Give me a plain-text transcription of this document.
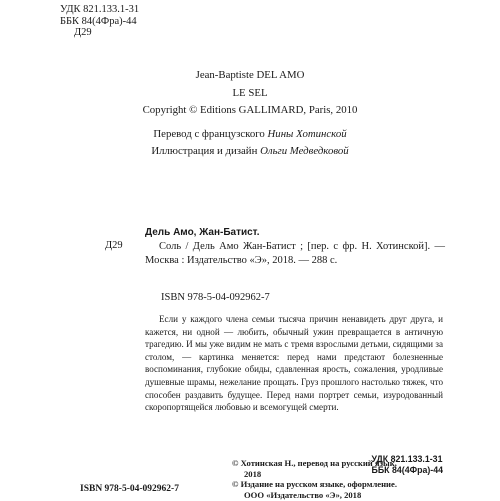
УДК 821.133.1-31
ББК 84(4Фра)-44
Д29
Jean-Baptiste DEL AMO
LE SEL
Copyright © Editions GALLIMARD, Paris, 2010
Перевод с французского Нины Хотинской
Иллюстрация и дизайн Ольги Медведковой
Д29
Дель Амо, Жан-Батист.
Соль / Дель Амо Жан-Батист ; [пер. с фр. Н. Хотинской]. — Москва : Издательство «Э», 2018. — 288 с.
ISBN 978-5-04-092962-7
Если у каждого члена семьи тысяча причин ненавидеть друг друга, и кажется, ни одной — любить, обычный ужин превращается в античную трагедию. И мы уже видим не мать с тремя взрослыми детьми, сидящими за столом, — картинка меняется: перед нами предстают болезненные воспоминания, глубокие обиды, сдавленная ярость, сожаления, уродливые душевные шрамы, нежелание прощать. Груз прошлого настолько тяжек, что способен раздавить будущее. Перед нами портрет семьи, изуродованный скоропортящейся любовью и всемогущей смерти.
УДК 821.133.1-31
ББК 84(4Фра)-44
© Хотинская Н., перевод на русский язык, 2018
© Издание на русском языке, оформление. ООО «Издательство «Э», 2018
ISBN 978-5-04-092962-7
